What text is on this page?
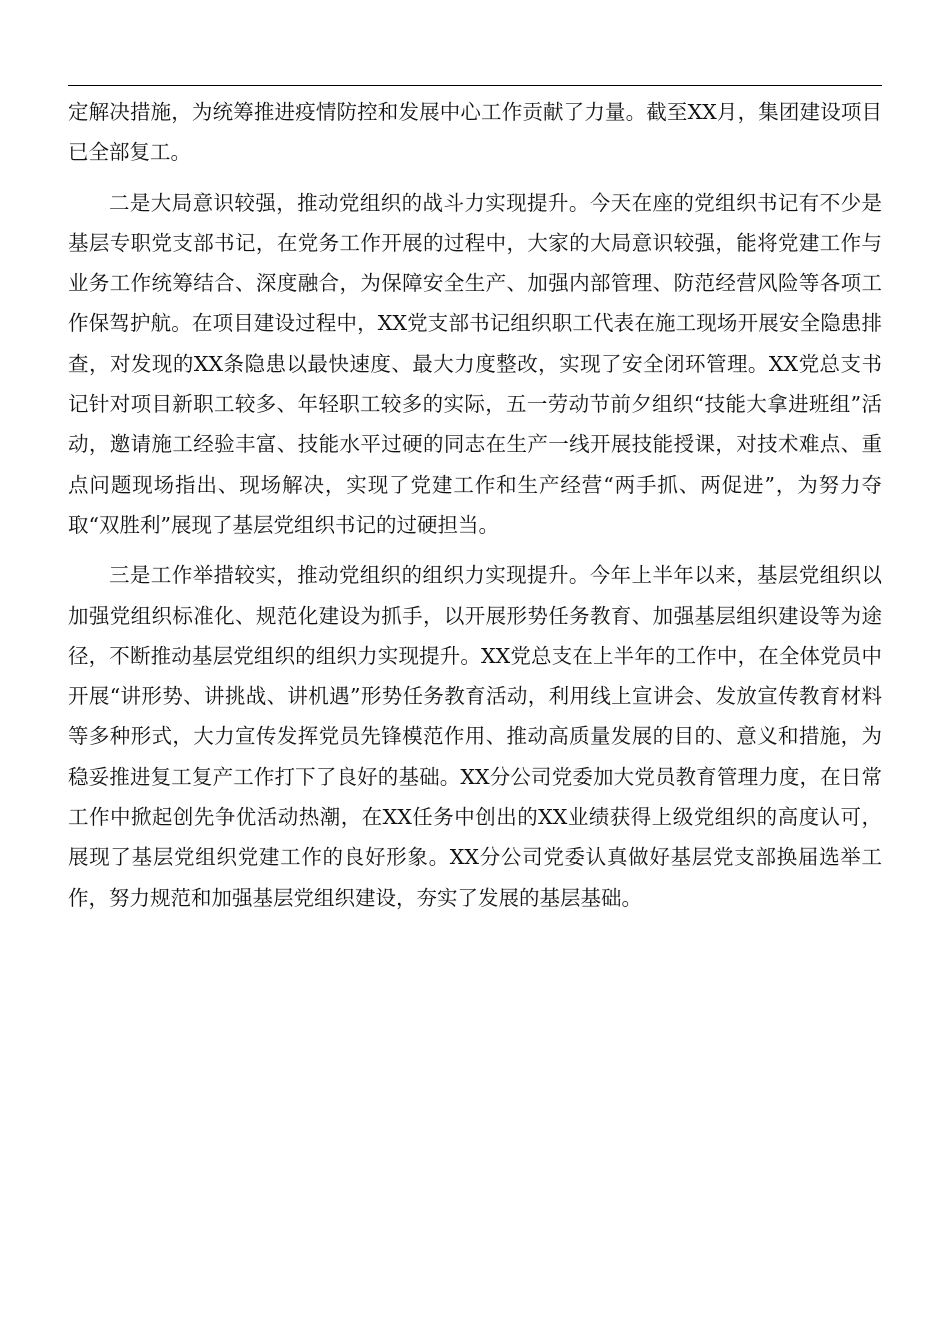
定解决措施，为统筹推进疫情防控和发展中心工作贡献了力量。截至XX月，集团建设项目已全部复工。

二是大局意识较强，推动党组织的战斗力实现提升。今天在座的党组织书记有不少是基层专职党支部书记，在党务工作开展的过程中，大家的大局意识较强，能将党建工作与业务工作统筹结合、深度融合，为保障安全生产、加强内部管理、防范经营风险等各项工作保驾护航。在项目建设过程中，XX党支部书记组织职工代表在施工现场开展安全隐患排查，对发现的XX条隐患以最快速度、最大力度整改，实现了安全闭环管理。XX党总支书记针对项目新职工较多、年轻职工较多的实际，五一劳动节前夕组织“技能大拿进班组”活动，邀请施工经验丰富、技能水平过硬的同志在生产一线开展技能授课，对技术难点、重点问题现场指出、现场解决，实现了党建工作和生产经营“两手抓、两促进”，为努力夺取“双胜利”展现了基层党组织书记的过硬担当。

三是工作举措较实，推动党组织的组织力实现提升。今年上半年以来，基层党组织以加强党组织标准化、规范化建设为抓手，以开展形势任务教育、加强基层组织建设等为途径，不断推动基层党组织的组织力实现提升。XX党总支在上半年的工作中，在全体党员中开展“讲形势、讲挑战、讲机遇”形势任务教育活动，利用线上宣讲会、发放宣传教育材料等多种形式，大力宣传发挥党员先锋模范作用、推动高质量发展的目的、意义和措施，为稳妥推进复工复产工作打下了良好的基础。XX分公司党委加大党员教育管理力度，在日常工作中掀起创先争优活动热潮，在XX任务中创出的XX业绩获得上级党组织的高度认可，展现了基层党组织党建工作的良好形象。XX分公司党委认真做好基层党支部换届选举工作，努力规范和加强基层党组织建设，夯实了发展的基层基础。
